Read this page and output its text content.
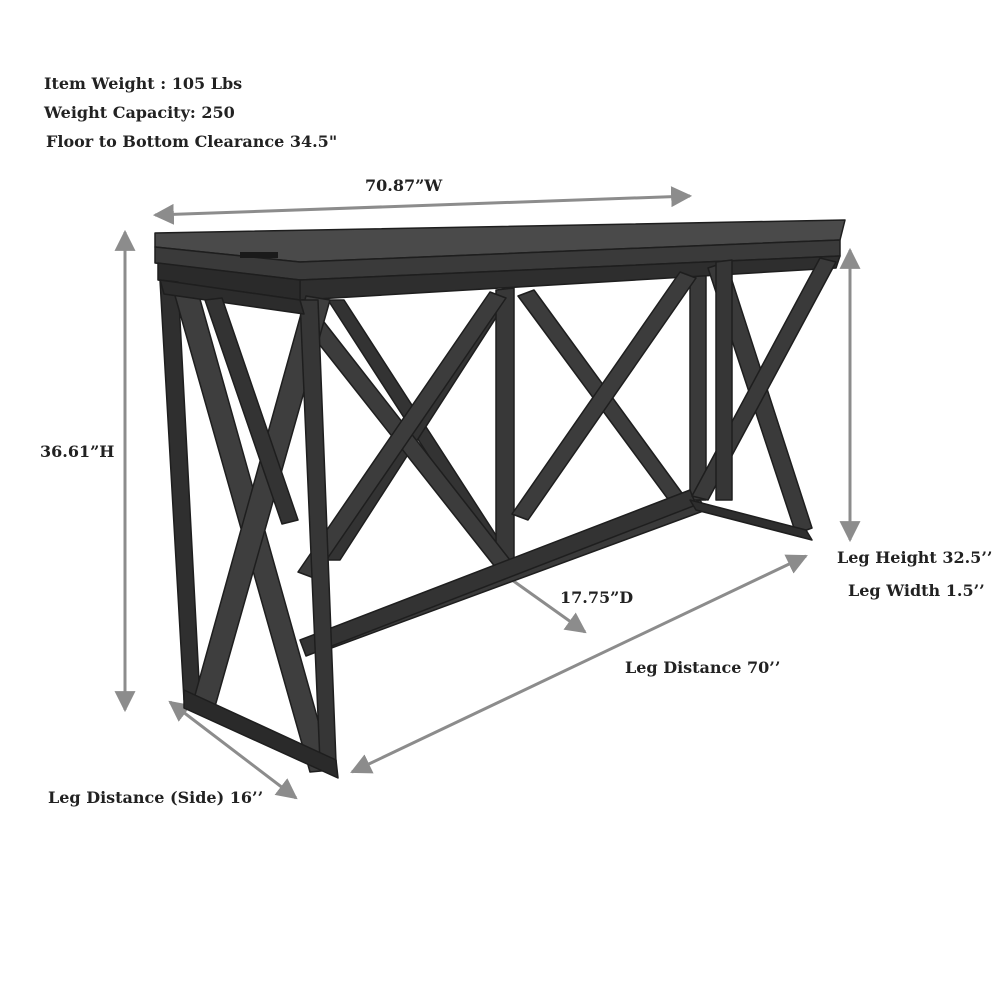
Item Weight : 105 Lbs
Weight Capacity: 250
Floor to Bottom Clearance 34.5"
70.87”W
36.61”H
Leg Height 32.5’’
Leg Width 1.5’’
17.75”D
Leg Distance 70’’
Leg Distance (Side) 16’’
